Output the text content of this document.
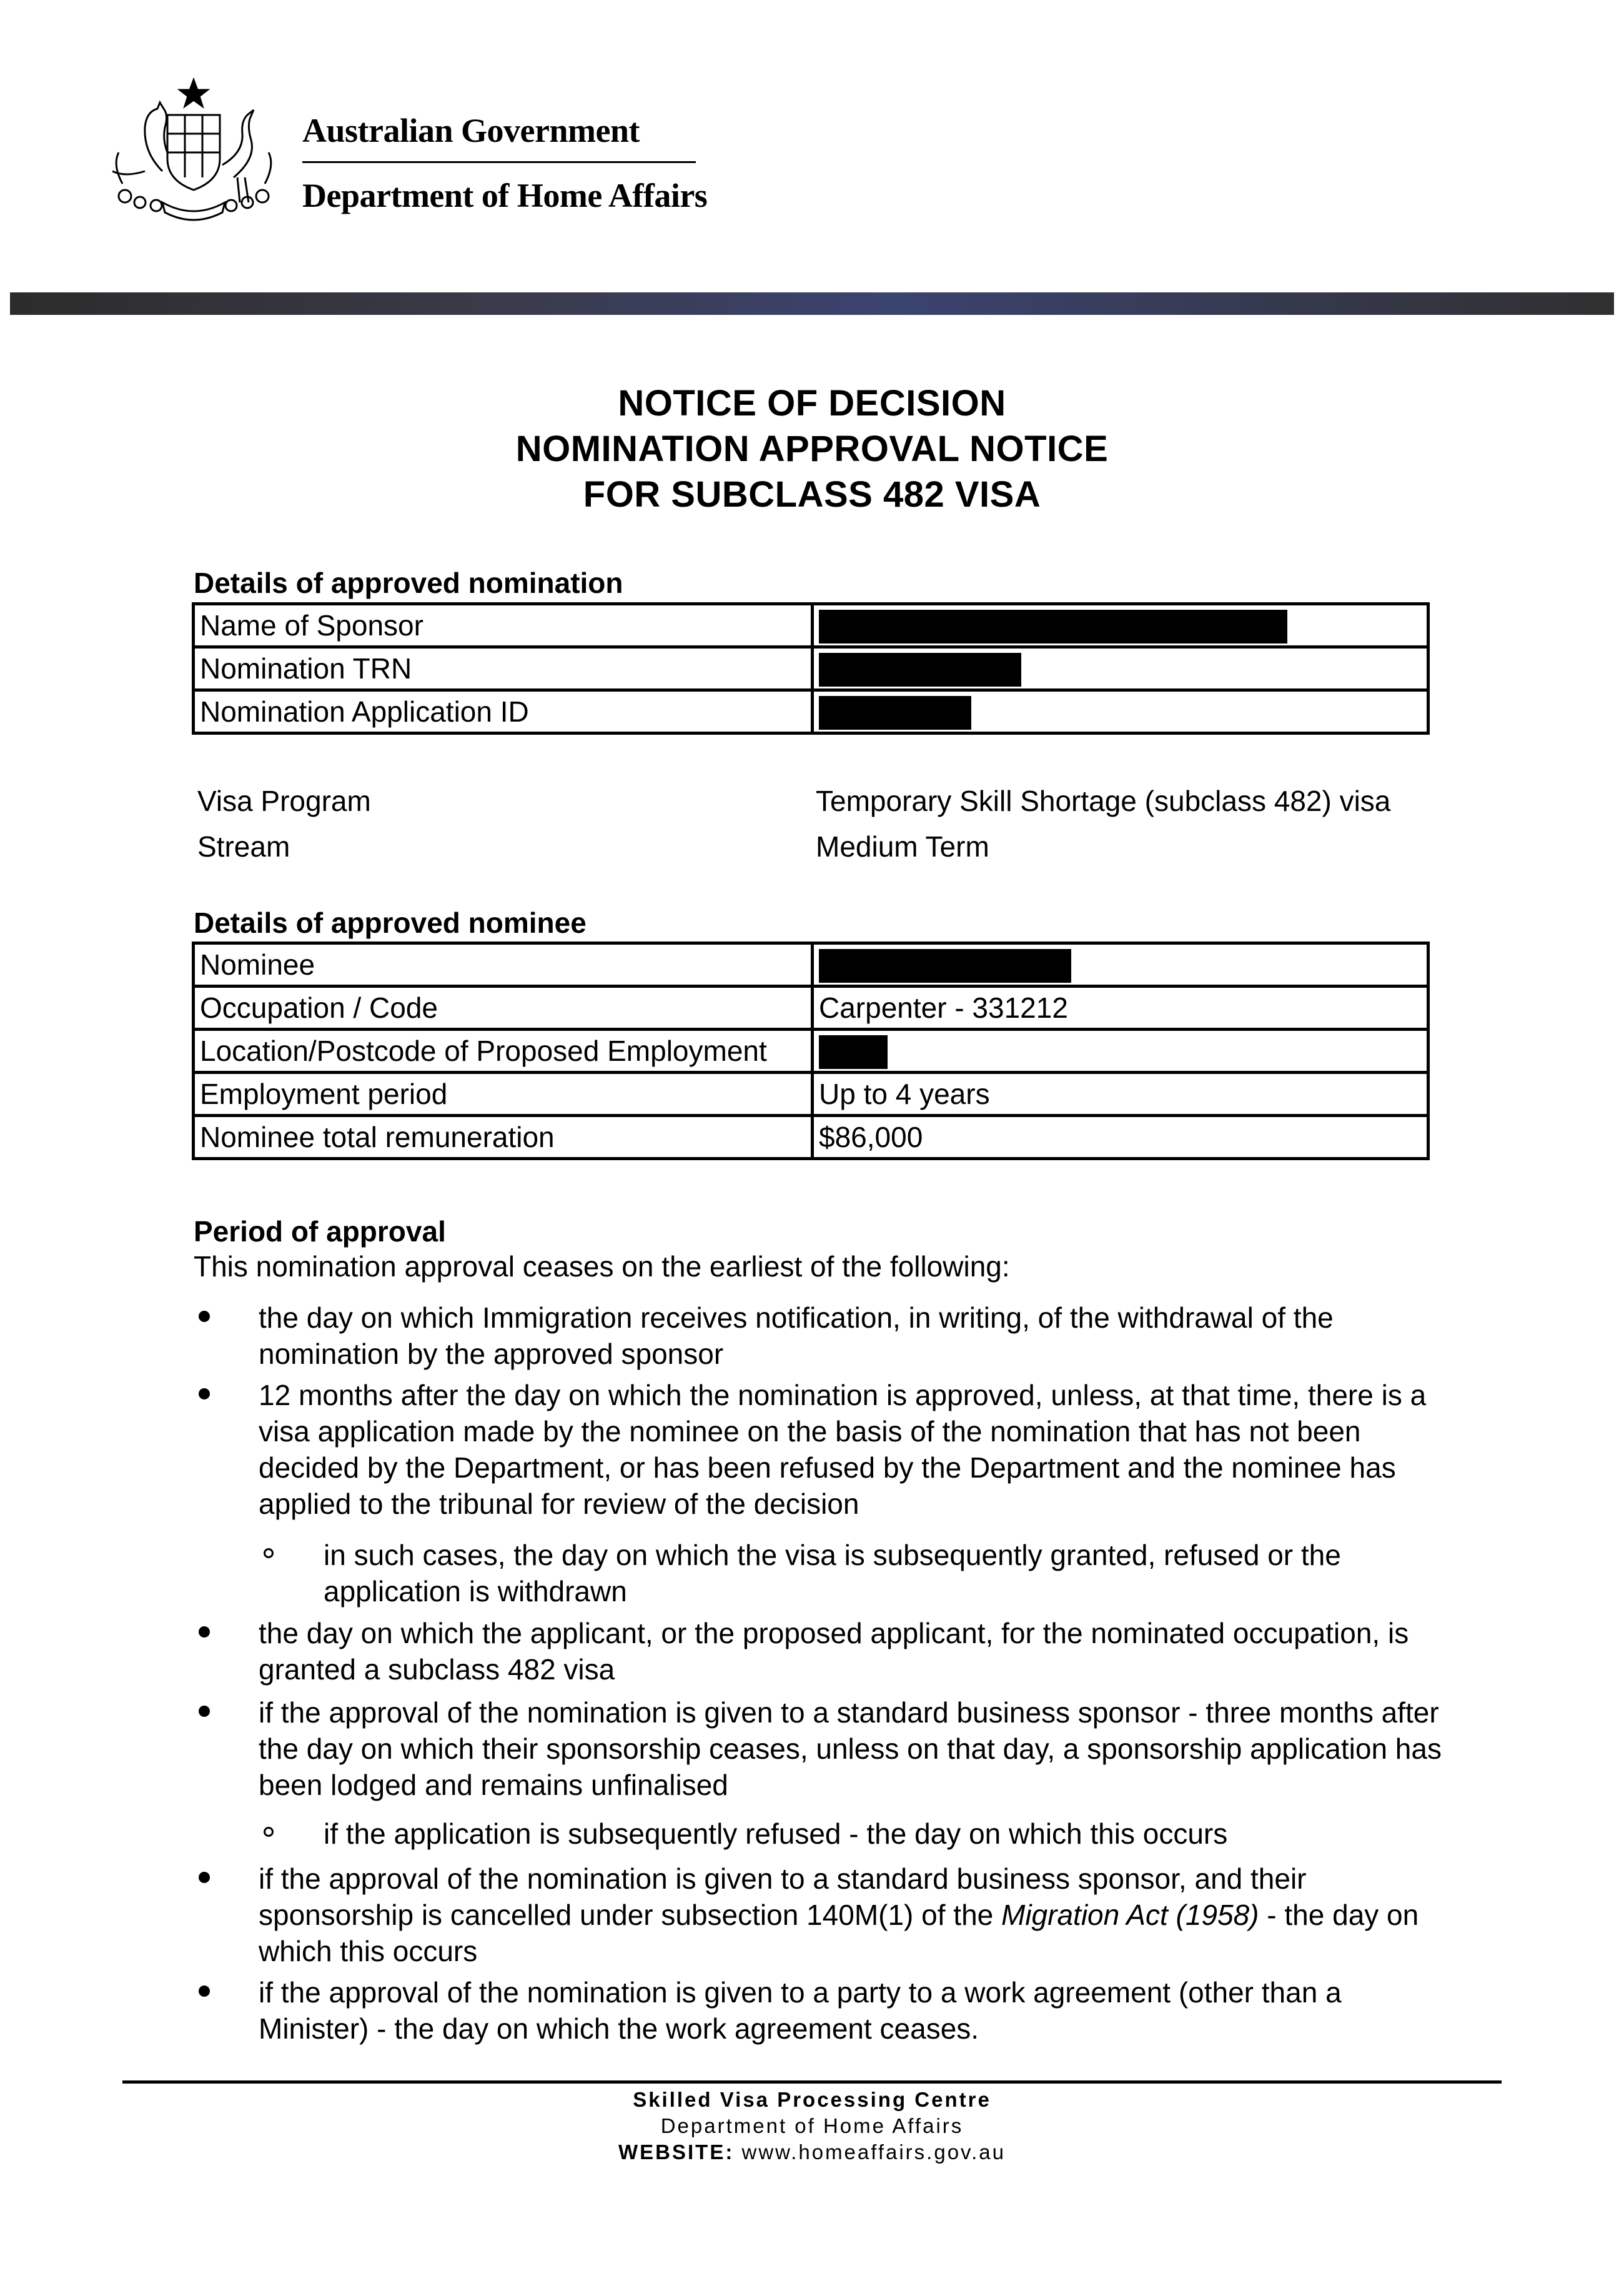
Australian Government
Department of Home Affairs
NOTICE OF DECISION
NOMINATION APPROVAL NOTICE
FOR SUBCLASS 482 VISA
Details of approved nomination
Name of Sponsor	
Nomination TRN	
Nomination Application ID	
Visa Program	Temporary Skill Shortage (subclass 482) visa
Stream	Medium Term
Details of approved nominee
Nominee	
Occupation / Code	Carpenter - 331212
Location/Postcode of Proposed Employment	
Employment period	Up to 4 years
Nominee total remuneration	$86,000
Period of approval
This nomination approval ceases on the earliest of the following:
the day on which Immigration receives notification, in writing, of the withdrawal of the nomination by the approved sponsor
12 months after the day on which the nomination is approved, unless, at that time, there is a visa application made by the nominee on the basis of the nomination that has not been decided by the Department, or has been refused by the Department and the nominee has applied to the tribunal for review of the decision
in such cases, the day on which the visa is subsequently granted, refused or the application is withdrawn
the day on which the applicant, or the proposed applicant, for the nominated occupation, is granted a subclass 482 visa
if the approval of the nomination is given to a standard business sponsor - three months after the day on which their sponsorship ceases, unless on that day, a sponsorship application has been lodged and remains unfinalised
if the application is subsequently refused - the day on which this occurs
if the approval of the nomination is given to a standard business sponsor, and their sponsorship is cancelled under subsection 140M(1) of the Migration Act (1958) - the day on which this occurs
if the approval of the nomination is given to a party to a work agreement (other than a Minister) - the day on which the work agreement ceases.
Skilled Visa Processing Centre
Department of Home Affairs
WEBSITE: www.homeaffairs.gov.au
